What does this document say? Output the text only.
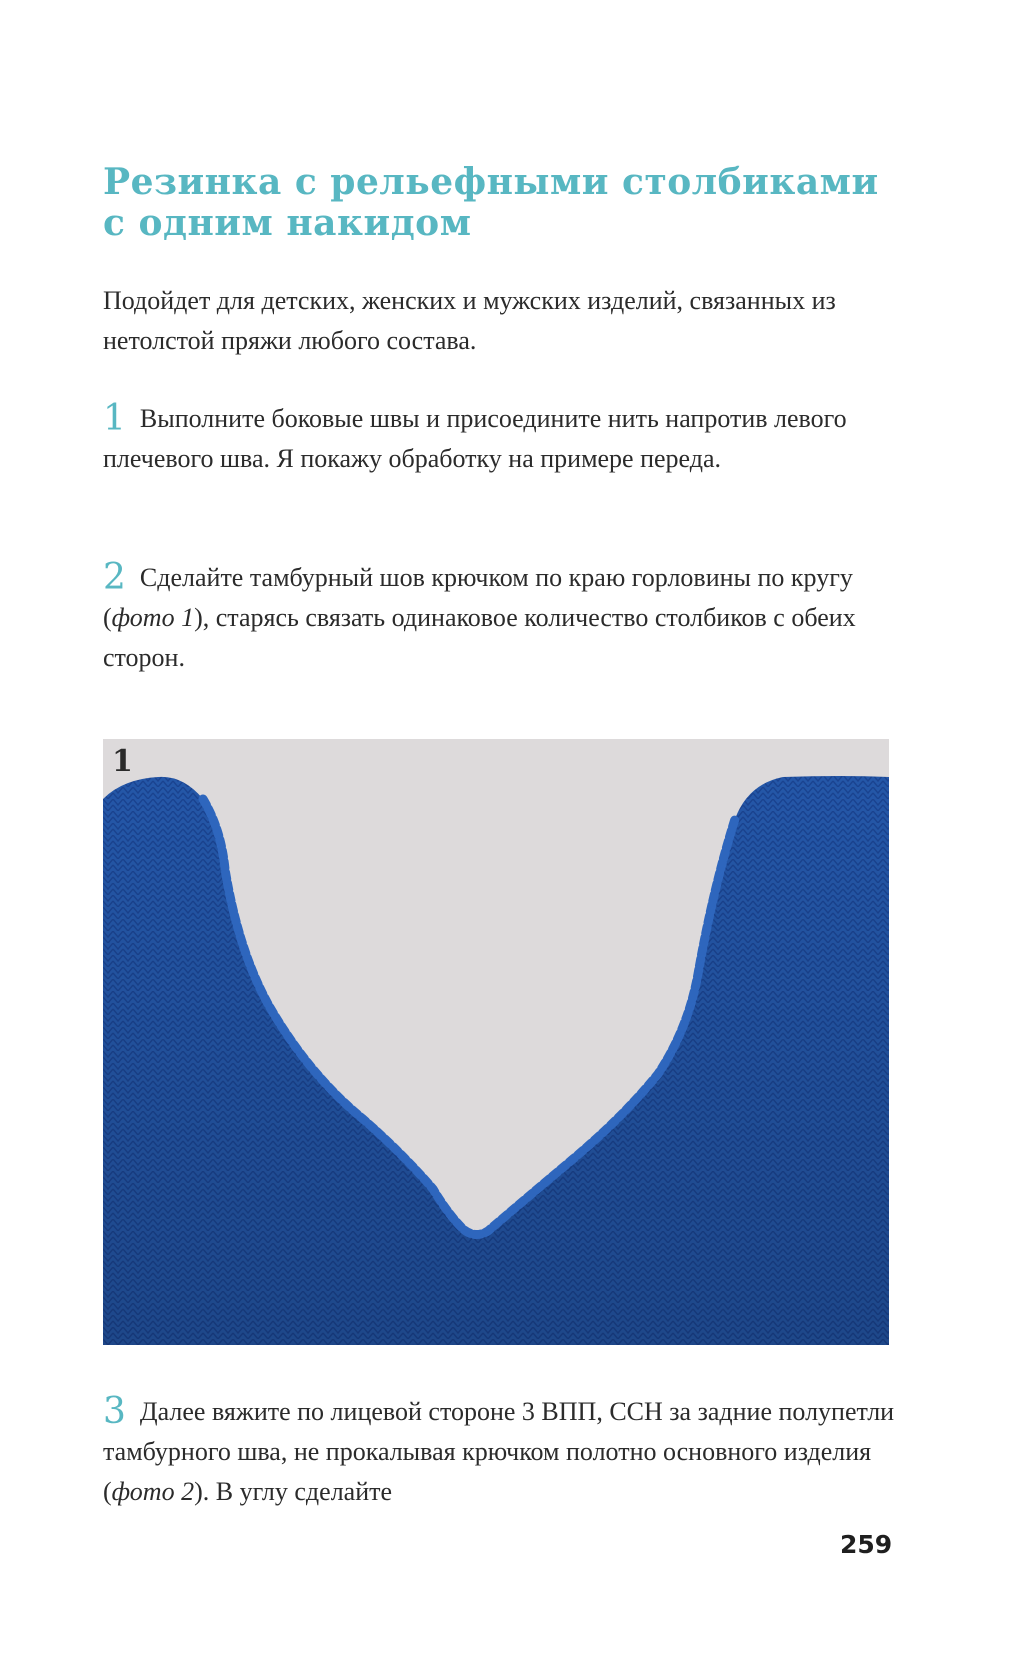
Резинка с рельефными столбиками
с одним накидом

Подойдет для детских, женских и мужских изделий, связанных из нетолстой пряжи любого состава.

1 Выполните боковые швы и присоедините нить напротив левого плечевого шва. Я покажу обработку на примере переда.

2 Сделайте тамбурный шов крючком по краю горловины по кругу (фото 1), старясь связать одинаковое количество столбиков с обеих сторон.

1

3 Далее вяжите по лицевой стороне 3 ВПП, ССН за задние полупетли тамбурного шва, не прокалывая крючком полотно основного изделия (фото 2). В углу сделайте

259
